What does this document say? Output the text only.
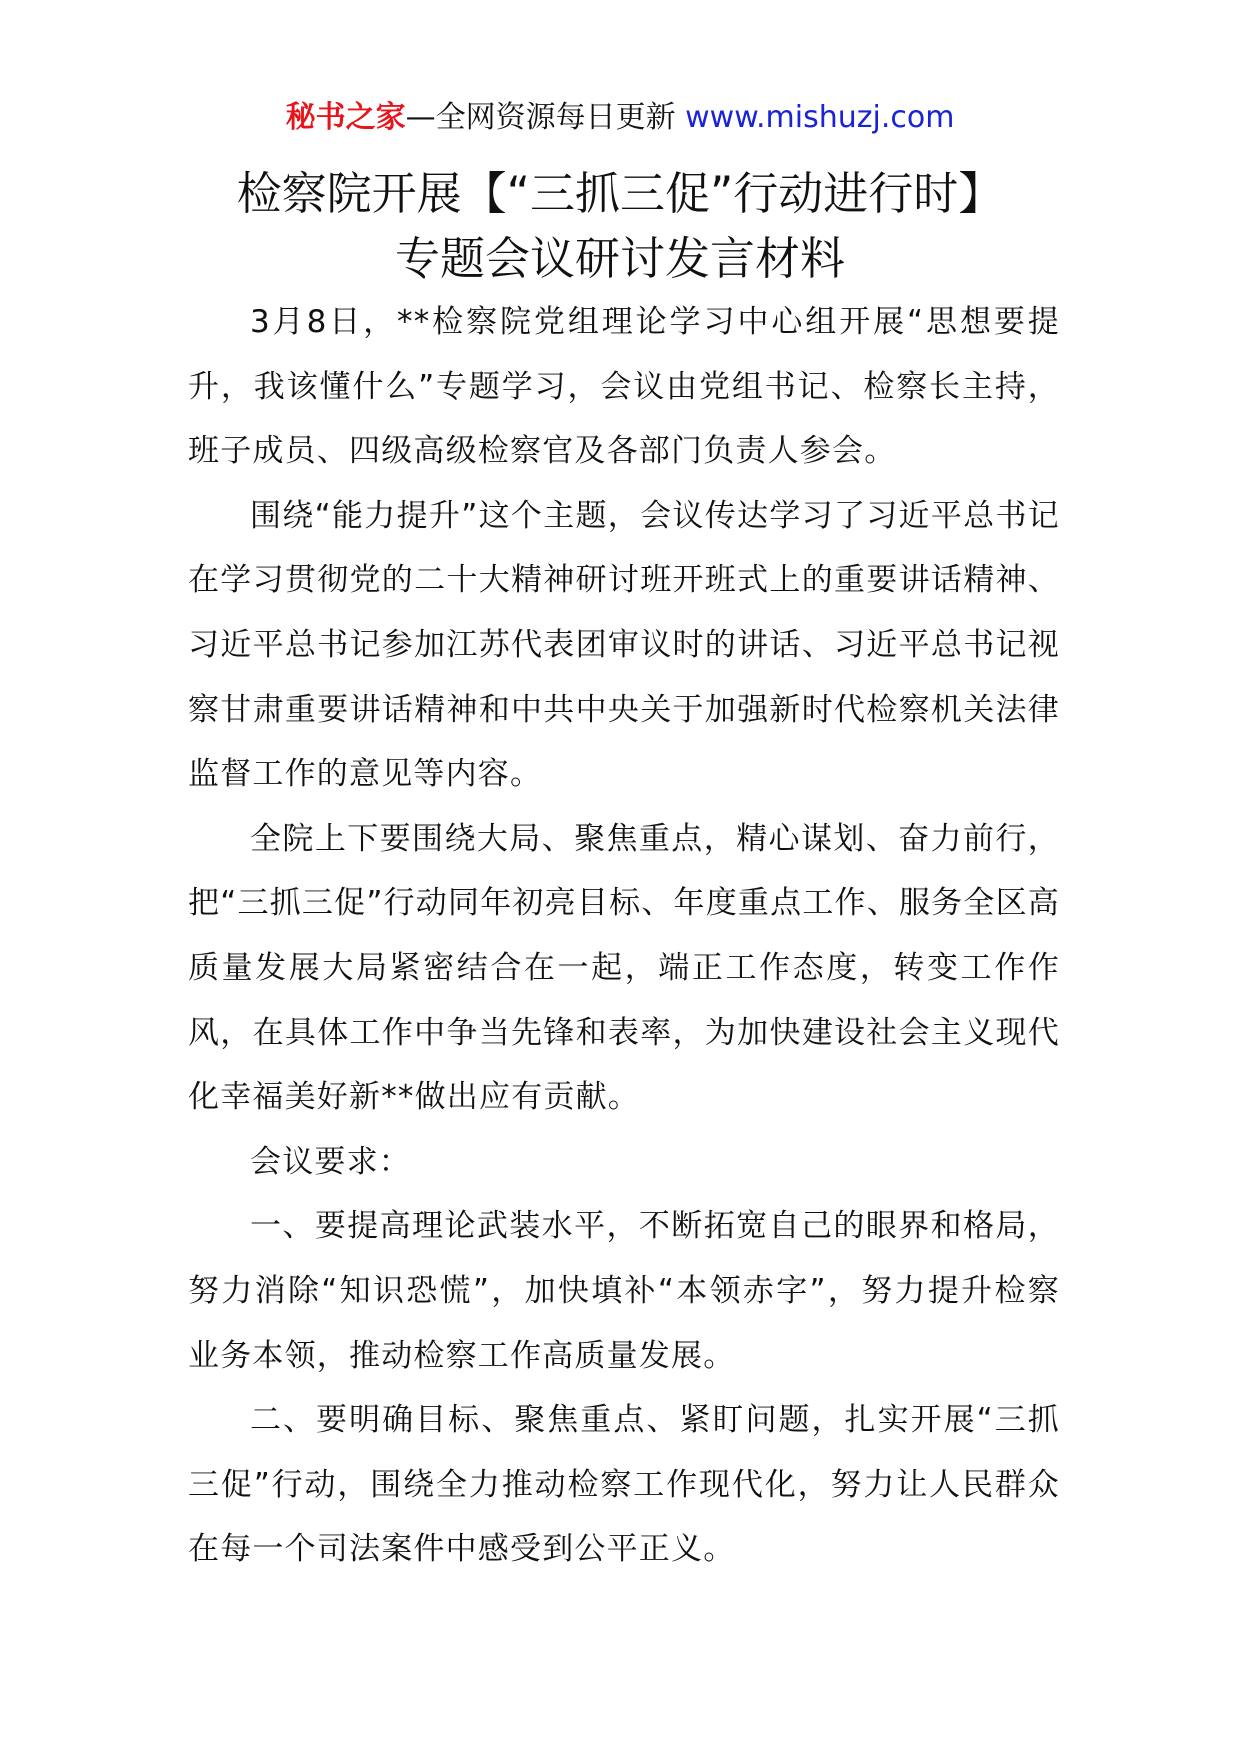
秘书之家—全网资源每日更新 www.mishuzj.com
检察院开展【“三抓三促”行动进行时】
专题会议研讨发言材料

3月8日，**检察院党组理论学习中心组开展“思想要提升，我该懂什么”专题学习，会议由党组书记、检察长主持，班子成员、四级高级检察官及各部门负责人参会。

围绕“能力提升”这个主题，会议传达学习了习近平总书记在学习贯彻党的二十大精神研讨班开班式上的重要讲话精神、习近平总书记参加江苏代表团审议时的讲话、习近平总书记视察甘肃重要讲话精神和中共中央关于加强新时代检察机关法律监督工作的意见等内容。

全院上下要围绕大局、聚焦重点，精心谋划、奋力前行，把“三抓三促”行动同年初亮目标、年度重点工作、服务全区高质量发展大局紧密结合在一起，端正工作态度，转变工作作风，在具体工作中争当先锋和表率，为加快建设社会主义现代化幸福美好新**做出应有贡献。

会议要求：

一、要提高理论武装水平，不断拓宽自己的眼界和格局，努力消除“知识恐慌”，加快填补“本领赤字”，努力提升检察业务本领，推动检察工作高质量发展。

二、要明确目标、聚焦重点、紧盯问题，扎实开展“三抓三促”行动，围绕全力推动检察工作现代化，努力让人民群众在每一个司法案件中感受到公平正义。
